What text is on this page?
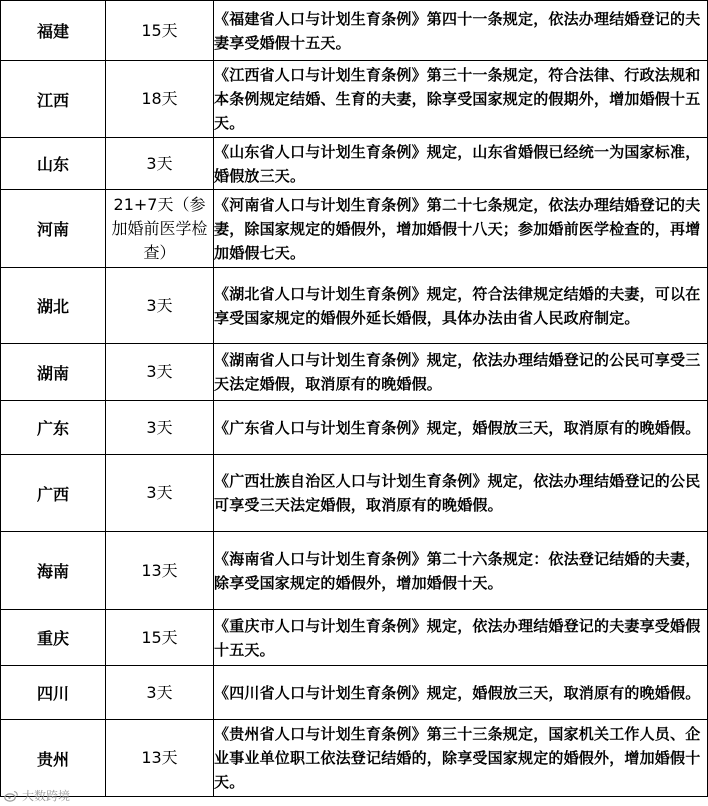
福建	15天	《福建省人口与计划生育条例》第四十一条规定，依法办理结婚登记的夫妻享受婚假十五天。
江西	18天	《江西省人口与计划生育条例》第三十一条规定，符合法律、行政法规和本条例规定结婚、生育的夫妻，除享受国家规定的假期外，增加婚假十五天。
山东	3天	《山东省人口与计划生育条例》规定，山东省婚假已经统一为国家标准，婚假放三天。
河南	21+7天（参加婚前医学检查）	《河南省人口与计划生育条例》第二十七条规定，依法办理结婚登记的夫妻，除国家规定的婚假外，增加婚假十八天；参加婚前医学检查的，再增加婚假七天。
湖北	3天	《湖北省人口与计划生育条例》规定，符合法律规定结婚的夫妻，可以在享受国家规定的婚假外延长婚假，具体办法由省人民政府制定。
湖南	3天	《湖南省人口与计划生育条例》规定，依法办理结婚登记的公民可享受三天法定婚假，取消原有的晚婚假。
广东	3天	《广东省人口与计划生育条例》规定，婚假放三天，取消原有的晚婚假。
广西	3天	《广西壮族自治区人口与计划生育条例》规定，依法办理结婚登记的公民可享受三天法定婚假，取消原有的晚婚假。
海南	13天	《海南省人口与计划生育条例》第二十六条规定：依法登记结婚的夫妻，除享受国家规定的婚假外，增加婚假十天。
重庆	15天	《重庆市人口与计划生育条例》规定，依法办理结婚登记的夫妻享受婚假十五天。
四川	3天	《四川省人口与计划生育条例》规定，婚假放三天，取消原有的晚婚假。
贵州	13天	《贵州省人口与计划生育条例》第三十三条规定，国家机关工作人员、企业事业单位职工依法登记结婚的，除享受国家规定的婚假外，增加婚假十天。
大数跨境
